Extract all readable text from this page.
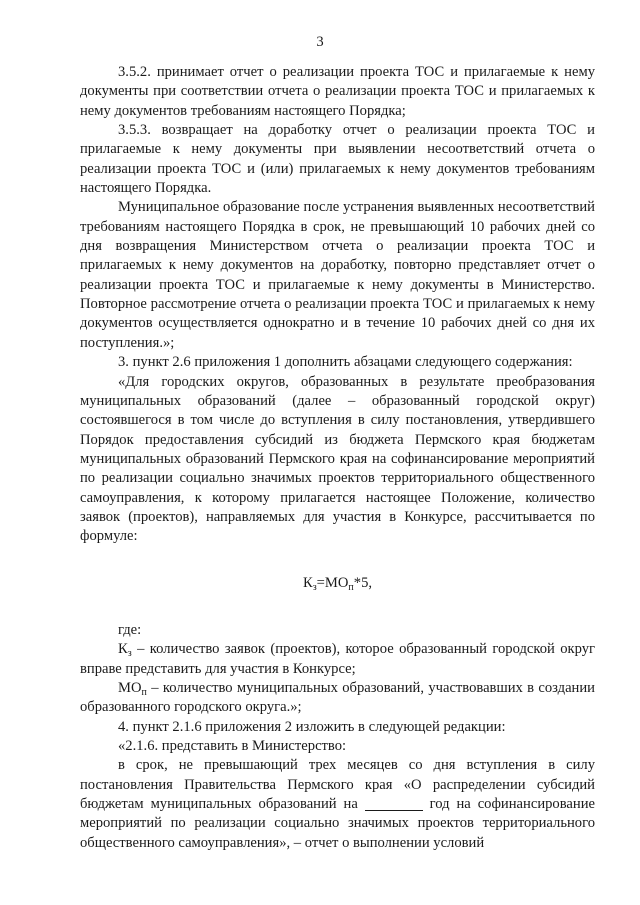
3

3.5.2. принимает отчет о реализации проекта ТОС и прилагаемые к нему документы при соответствии отчета о реализации проекта ТОС и прилагаемых к нему документов требованиям настоящего Порядка;

3.5.3. возвращает на доработку отчет о реализации проекта ТОС и прилагаемые к нему документы при выявлении несоответствий отчета о реализации проекта ТОС и (или) прилагаемых к нему документов требованиям настоящего Порядка.

Муниципальное образование после устранения выявленных несоответствий требованиям настоящего Порядка в срок, не превышающий 10 рабочих дней со дня возвращения Министерством отчета о реализации проекта ТОС и прилагаемых к нему документов на доработку, повторно представляет отчет о реализации проекта ТОС и прилагаемые к нему документы в Министерство. Повторное рассмотрение отчета о реализации проекта ТОС и прилагаемых к нему документов осуществляется однократно и в течение 10 рабочих дней со дня их поступления.»;

3. пункт 2.6 приложения 1 дополнить абзацами следующего содержания:

«Для городских округов, образованных в результате преобразования муниципальных образований (далее – образованный городской округ) состоявшегося в том числе до вступления в силу постановления, утвердившего Порядок предоставления субсидий из бюджета Пермского края бюджетам муниципальных образований Пермского края на софинансирование мероприятий по реализации социально значимых проектов территориального общественного самоуправления, к которому прилагается настоящее Положение, количество заявок (проектов), направляемых для участия в Конкурсе, рассчитывается по формуле:

$К_з=МО_п*5$,

где:

$К_з$ – количество заявок (проектов), которое образованный городской округ вправе представить для участия в Конкурсе;

$МО_п$ – количество муниципальных образований, участвовавших в создании образованного городского округа.»;

4. пункт 2.1.6 приложения 2 изложить в следующей редакции:

«2.1.6. представить в Министерство:

в срок, не превышающий трех месяцев со дня вступления в силу постановления Правительства Пермского края «О распределении субсидий бюджетам муниципальных образований на	год на софинансирование мероприятий по реализации социально значимых проектов территориального общественного самоуправления», – отчет о выполнении условий
